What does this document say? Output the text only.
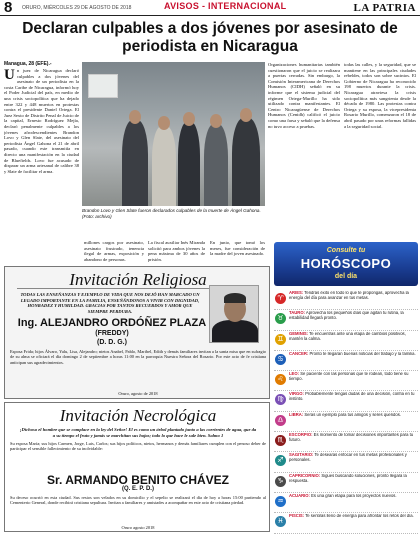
8 ORURO, MIÉRCOLES 29 DE AGOSTO DE 2018	AVISOS - INTERNACIONAL	LA PATRIA
Declaran culpables a dos jóvenes por asesinato de periodista en Nicaragua
Managua, 28 (EFE).-
Un juez de Nicaragua declaró culpables a dos jóvenes del asesinato de un periodista en la costa Caribe de Nicaragua, informó hoy el Poder Judicial del país, en medio de una crisis sociopolítica que ha dejado entre 322 y 448 muertos en protestas contra el presidente Daniel Ortega. El Juez Sexto de Distrito Penal de Juicio de la capital, Ernesto Rodríguez Mejía, declaró penalmente culpables a los jóvenes afrodescendientes Brandon Lovo y Glen Slate, del asesinato del periodista Ángel Gahona el 21 de abril pasado, cuando este transmitía en directo una manifestación en la ciudad de Bluefields. Lovo fue acusado de disparar un arma artesanal de calibre 38 y Slate de facilitar el arma.
Brandon Lovo y Glen Slate fueron declarados culpables de la muerte de Ángel Gahona. (Foto: archivo)
millones cargos por asesinato, asesinato frustrado, tenencia ilegal de armas, exposición y abandono de personas.
La fiscal auxiliar Inés Miranda solicitó para ambos jóvenes la pena máxima de 30 años de prisión.
En junio, que tomó los meses, fue consideración de la madre del joven asesinado.
Organizaciones humanitarias también cuestionaron que el juicio se realizara a puertas cerradas. Sin embargo, la Comisión Interamericana de Derechos Humanos (CIDH) señaló en su informe que el sistema judicial del régimen Ortega-Murillo ha sido utilizado contra manifestantes. El Centro Nicaragüense de Derechos Humanos (Cenidh) calificó el juicio como una farsa y señaló que la defensa no tuvo acceso a pruebas.
todas las calles, y la seguridad, que se mantiene en las principales ciudades rebeldes, todos son sobre sucintos. El Gobierno de Nicaragua ha reconocido 198 muertos durante la crisis. Nicaragua atraviesa la crisis sociopolítica más sangrienta desde la década de 1980. Las protestas contra Ortega y su esposa, la vicepresidenta Rosario Murillo, comenzaron el 18 de abril pasado por unas reformas fallidas a la seguridad social.
Invitación Religiosa
TODAS LAS ENSEÑANZAS Y EJEMPLO DE VIDA QUE NOS DEJÓ HAN MARCADO UN LEGADO IMPORTANTE EN LA FAMILIA, ENSEÑÁNDONOS A VIVIR CON DIGNIDAD, HONRADEZ Y HUMILDAD. GRACIAS POR TANTOS RECUERDOS Y AMOR QUE SIEMPRE PERDURA.
Ing. ALEJANDRO ORDÓÑEZ PLAZA
(FREDDY)
(D. D. G.)
Esposa Frida; hijos Álvaro, Yalu, Lisa, Alejandro; nietos Anabel, Pablo, Maribel, Edith y demás familiares invitan a la santa misa que en sufragio de su alma se oficiará el día domingo 2 de septiembre a horas 11:00 en la parroquia Nuestra Señora del Rosario. Por este acto de fe cristiana anticipan sus agradecimientos.
Oruro, agosto de 2018
Invitación Necrológica
¡Dichoso el hombre que se complace en la ley del Señor! El es como un árbol plantado junto a las corrientes de agua, que da a su tiempo el fruto y jamás se marchitan sus hojas; todo lo que hace le sale bien. Salmo 1
Su esposa María; sus hijos Carmen, Jorge, Luis, Carlos; sus hijos políticos, nietos, hermanos y demás familiares cumplen con el penoso deber de participar el sensible fallecimiento de su inolvidable:
Sr. ARMANDO BENITO CHÁVEZ
(Q. E. P. D.)
Su deceso ocurrió en esta ciudad. Sus restos son velados en su domicilio y el sepelio se realizará el día de hoy a horas 15:00 partiendo al Cementerio General, donde recibirá cristiana sepultura. Invitan a familiares y amistades a acompañar en este acto de cristiana piedad.
Oruro agosto 2018
Consulte tu
HORÓSCOPO
del día
♈
ARIES: Tendrás éxito en todo lo que te propongas, aprovecha la energía del día para avanzar en tus metas.
♉
TAURO: Aprovecha los pequeños días que agitan tu rutina, la estabilidad llegará pronto.
♊
GÉMINIS: Te encuentras ante una etapa de cambios positivos, mantén la calma.
♋
CÁNCER: Pronto te llegarán buenas noticias del trabajo y la familia.
♌
LEO: Sé paciente con las personas que te rodean, todo tiene su tiempo.
♍
VIRGO: Probablemente tengas dudas de una decisión, confía en tu instinto.
♎
LIBRA: Serás un ejemplo para tus amigos y seres queridos.
♏
ESCORPIO: Es momento de tomar decisiones importantes para tu futuro.
♐
SAGITARIO: Te desearás enfocar en tus metas profesionales y personales.
♑
CAPRICORNIO: Sigues buscando soluciones, pronto llegará la respuesta.
♒
ACUARIO: Es una gran etapa para los proyectos nuevos.
♓
PISCIS: Te sentirás lleno de energía para afrontar los retos del día.
